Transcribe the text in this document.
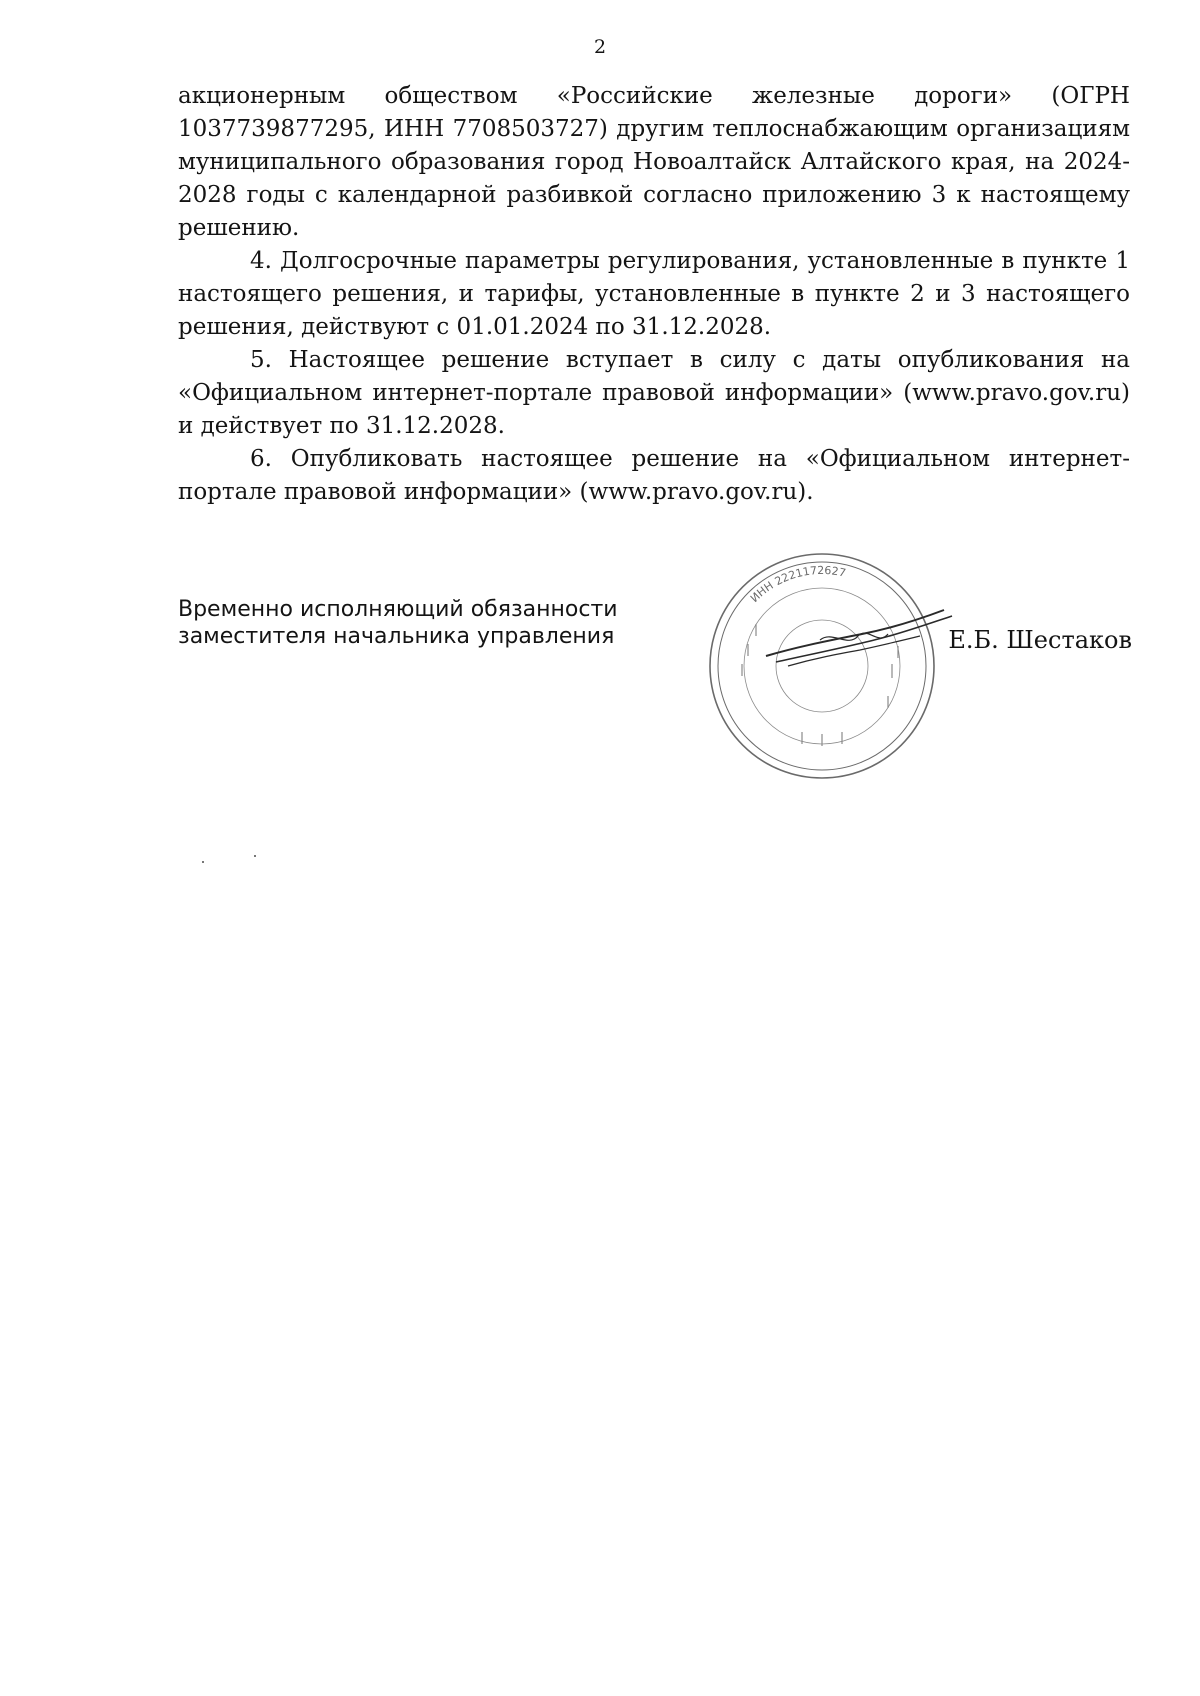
2

акционерным обществом «Российские железные дороги» (ОГРН 1037739877295, ИНН 7708503727) другим теплоснабжающим организациям муниципального образования город Новоалтайск Алтайского края, на 2024-2028 годы с календарной разбивкой согласно приложению 3 к настоящему решению.

4. Долгосрочные параметры регулирования, установленные в пункте 1 настоящего решения, и тарифы, установленные в пункте 2 и 3 настоящего решения, действуют с 01.01.2024 по 31.12.2028.

5. Настоящее решение вступает в силу с даты опубликования на «Официальном интернет-портале правовой информации» (www.pravo.gov.ru) и действует по 31.12.2028.

6. Опубликовать настоящее решение на «Официальном интернет-портале правовой информации» (www.pravo.gov.ru).

Временно исполняющий обязанности
заместителя начальника управления
ИНН 2221172627
Е.Б. Шестаков
